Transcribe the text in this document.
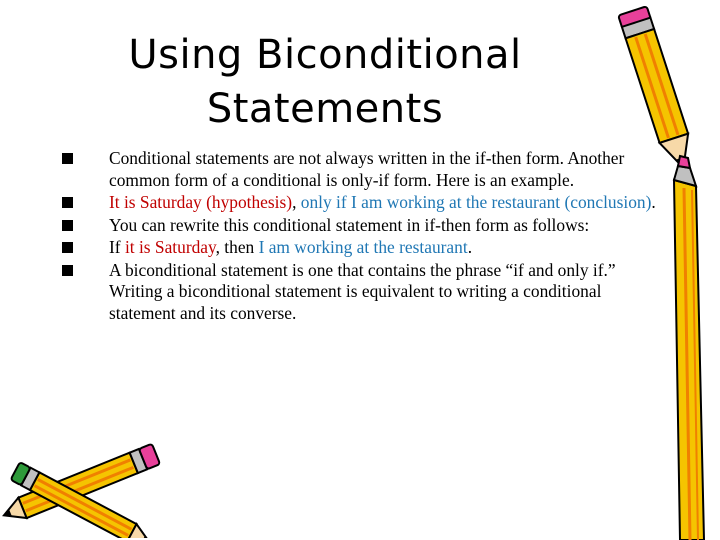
Using Biconditional
Statements
Conditional statements are not always written in the if-then form. Another common form of a conditional is only-if form. Here is an example.
It is Saturday (hypothesis), only if I am working at the restaurant (conclusion).
You can rewrite this conditional statement in if-then form as follows:
If it is Saturday, then I am working at the restaurant.
A biconditional statement is one that contains the phrase “if and only if.” Writing a biconditional statement is equivalent to writing a conditional statement and its converse.
